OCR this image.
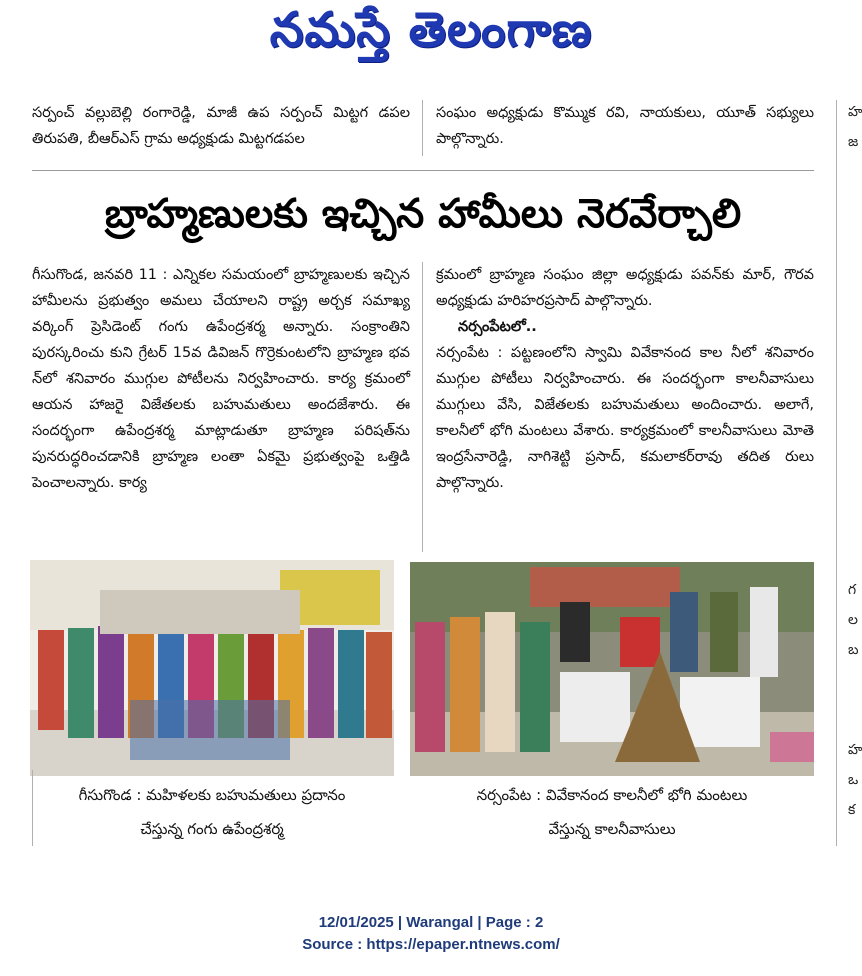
నమస్తే తెలంగాణ

సర్పంచ్ వల్లుబెల్లి రంగారెడ్డి, మాజీ ఉప సర్పంచ్ మిట్టగ డపల తిరుపతి, బీఆర్ఎస్ గ్రామ అధ్యక్షుడు మిట్టగడపల

సంఘం అధ్యక్షుడు కొమ్ముక రవి, నాయకులు, యూత్ సభ్యులు పాల్గొన్నారు.

బ్రాహ్మణులకు ఇచ్చిన హామీలు నెరవేర్చాలి

గీసుగొండ, జనవరి 11 : ఎన్నికల సమయంలో బ్రాహ్మణులకు ఇచ్చిన హామీలను ప్రభుత్వం అమలు చేయాలని రాష్ట్ర అర్చక సమాఖ్య వర్కింగ్ ప్రెసిడెంట్ గంగు ఉపేంద్రశర్మ అన్నారు. సంక్రాంతిని పురస్కరించు కుని గ్రేటర్ 15వ డివిజన్ గొర్రెకుంటలోని బ్రాహ్మణ భవ న్‌లో శనివారం ముగ్గుల పోటీలను నిర్వహించారు. కార్య క్రమంలో ఆయన హాజరై విజేతలకు బహుమతులు అందజేశారు. ఈ సందర్భంగా ఉపేంద్రశర్మ మాట్లాడుతూ బ్రాహ్మణ పరిషత్‌ను పునరుద్ధరించడానికి బ్రాహ్మణ లంతా ఏకమై ప్రభుత్వంపై ఒత్తిడి పెంచాలన్నారు. కార్య

క్రమంలో బ్రాహ్మణ సంఘం జిల్లా అధ్యక్షుడు పవన్‌కు మార్, గౌరవ అధ్యక్షుడు హరిహరప్రసాద్ పాల్గొన్నారు.

నర్సంపేటలో..

నర్సంపేట : పట్టణంలోని స్వామి వివేకానంద కాల నీలో శనివారం ముగ్గుల పోటీలు నిర్వహించారు. ఈ సందర్భంగా కాలనీవాసులు ముగ్గులు వేసి, విజేతలకు బహుమతులు అందించారు. అలాగే, కాలనీలో భోగి మంటలు వేశారు. కార్యక్రమంలో కాలనీవాసులు మోతె ఇంద్రసేనారెడ్డి, నాగిశెట్టి ప్రసాద్, కమలాకర్‌రావు తదిత రులు పాల్గొన్నారు.

గీసుగొండ : మహిళలకు బహుమతులు ప్రదానం
చేస్తున్న గంగు ఉపేంద్రశర్మ
నర్సంపేట : వివేకానంద కాలనీలో భోగి మంటలు
వేస్తున్న కాలనీవాసులు
హ
జ
గ
ల
బ
హ
ఒ
క
12/01/2025 | Warangal | Page : 2
Source : https://epaper.ntnews.com/
